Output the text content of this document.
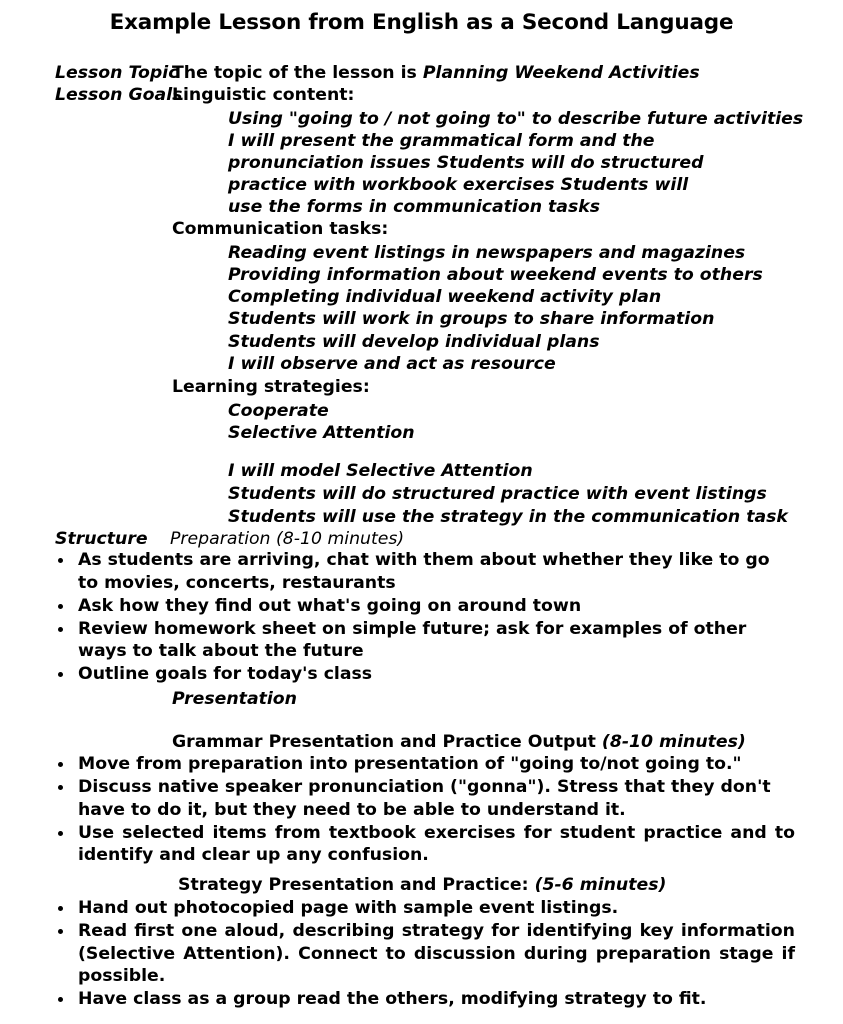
Example Lesson from English as a Second Language
Lesson TopicThe topic of the lesson is Planning Weekend Activities
Lesson GoalsLinguistic content:
Using "going to / not going to" to describe future activities
I will present the grammatical form and the
pronunciation issues Students will do structured
practice with workbook exercises Students will
use the forms in communication tasks
Communication tasks:
Reading event listings in newspapers and magazines
Providing information about weekend events to others
Completing individual weekend activity plan
Students will work in groups to share information
Students will develop individual plans
I will observe and act as resource
Learning strategies:
Cooperate
Selective Attention
I will model Selective Attention
Students will do structured practice with event listings
Students will use the strategy in the communication task
Structure Preparation (8-10 minutes)
As students are arriving, chat with them about whether they like to go to movies, concerts, restaurants
Ask how they find out what's going on around town
Review homework sheet on simple future; ask for examples of other ways to talk about the future
Outline goals for today's class
Presentation
Grammar Presentation and Practice Output (8-10 minutes)
Move from preparation into presentation of "going to/not going to."
Discuss native speaker pronunciation ("gonna"). Stress that they don't have to do it, but they need to be able to understand it.
Use selected items from textbook exercises for student practice and to identify and clear up any confusion.
Strategy Presentation and Practice: (5-6 minutes)
Hand out photocopied page with sample event listings.
Read first one aloud, describing strategy for identifying key information (Selective Attention). Connect to discussion during preparation stage if possible.
Have class as a group read the others, modifying strategy to fit.
